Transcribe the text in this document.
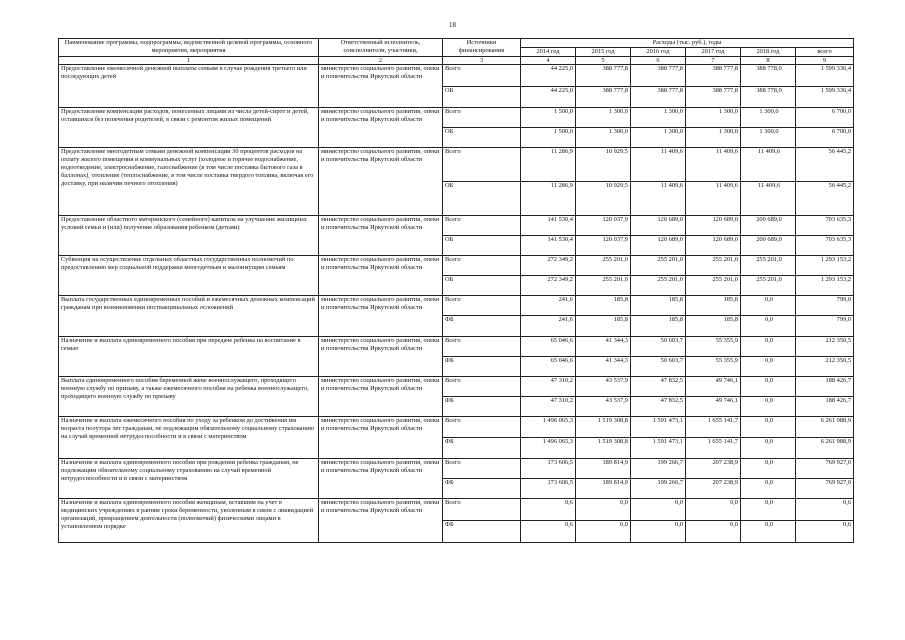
18
Наименование программы, подпрограммы, ведомственной целевой программы, основного мероприятия, мероприятия	Ответственный исполнитель, соисполнители, участники,	Источники финансирования	Расходы (тыс. руб.), годы					
			2014 год	2015 год	2016 год	2017 год	2018 год	всего
1	2	3	4	5	6	7	8	9
Предоставление ежемесячной денежной выплаты семьям в случае рождения третьего или последующих детей	министерство социального развития, опеки и попечительства Иркутской области	Всего	44 225,0	388 777,8	388 777,8	388 777,8	388 778,0	1 599 336,4
		ОБ	44 225,0	388 777,8	388 777,8	388 777,8	388 778,0	1 599 336,4
Предоставление компенсации расходов, понесенных лицами из числа детей-сирот и детей, оставшихся без попечения родителей, в связи с ремонтом жилых помещений	министерство социального развития, опеки и попечительства Иркутской области	Всего	1 500,0	1 300,0	1 300,0	1 300,0	1 300,0	6 700,0
		ОБ	1 500,0	1 300,0	1 300,0	1 300,0	1 300,0	6 700,0
Предоставление многодетным семьям денежной компенсации 30 процентов расходов на оплату жилого помещения и коммунальных услуг (холодное и горячее водоснабжение, водоотведение, электроснабжение, газоснабжение (в том числе поставка бытового газа в баллонах), отопление (теплоснабжение, в том числе поставка твердого топлива, включая его доставку, при наличии печного отопления)	министерство социального развития, опеки и попечительства Иркутской области	Всего	11 286,9	10 929,5	11 409,6	11 409,6	11 409,6	56 445,2
		ОБ	11 286,9	10 929,5	11 409,6	11 409,6	11 409,6	56 445,2
Предоставление областного материнского (семейного) капитала на улучшение жилищных условий семьи и (или) получение образования ребенком (детьми)	министерство социального развития, опеки и попечительства Иркутской области	Всего	141 530,4	120 037,9	120 689,0	120 689,0	200 689,0	703 635,3
		ОБ	141 530,4	120 037,9	120 689,0	120 689,0	200 689,0	703 635,3
Субвенция на осуществление отдельных областных государственных полномочий по предоставлению мер социальной поддержки многодетным и малоимущим семьям	министерство социального развития, опеки и попечительства Иркутской области	Всего	272 349,2	255 201,0	255 201,0	255 201,0	255 201,0	1 293 153,2
		ОБ	272 349,2	255 201,0	255 201,0	255 201,0	255 201,0	1 293 153,2
Выплата государственных единовременных пособий и ежемесячных денежных компенсаций гражданам при возникновении поствакцинальных осложнений	министерство социального развития, опеки и попечительства Иркутской области	Всего	241,6	185,8	185,8	185,8	0,0	799,0
		ФБ	241,6	185,8	185,8	185,8	0,0	799,0
Назначение и выплата единовременного пособия при передаче ребенка на воспитание в семью	министерство социального развития, опеки и попечительства Иркутской области	Всего	65 046,6	41 344,3	50 603,7	55 355,9	0,0	212 350,5
		ФБ	65 046,6	41 344,3	50 603,7	55 355,9	0,0	212 350,5
Выплата единовременного пособия беременной жене военнослужащего, проходящего военную службу по призыву, а также ежемесячного пособия на ребенка военнослужащего, проходящего военную службу по призыву	министерство социального развития, опеки и попечительства Иркутской области	Всего	47 310,2	43 537,9	47 832,5	49 746,1	0,0	188 426,7
		ФБ	47 310,2	43 537,9	47 832,5	49 746,1	0,0	188 426,7
Назначение и выплата ежемесячного пособия по уходу за ребенком до достижения им возраста полутора лет гражданам, не подлежащим обязательному социальному страхованию на случай временной нетрудоспособности и в связи с материнством	министерство социального развития, опеки и попечительства Иркутской области	Всего	1 496 065,3	1 519 308,8	1 591 473,1	1 655 141,7	0,0	6 261 988,9
		ФБ	1 496 065,3	1 519 308,8	1 591 473,1	1 655 141,7	0,0	6 261 988,9
Назначение и выплата единовременного пособия при рождении ребенка гражданам, не подлежащим обязательному социальному страхованию на случай временной нетрудоспособности и в связи с материнством	министерство социального развития, опеки и попечительства Иркутской области	Всего	173 606,5	189 814,9	199 266,7	207 238,9	0,0	769 927,0
		ФБ	173 606,5	189 814,9	199 266,7	207 238,9	0,0	769 927,0
Назначение и выплата единовременного пособия женщинам, вставшим на учет в медицинских учреждениях в ранние сроки беременности, уволенным в связи с ликвидацией организаций, прекращением деятельности (полномочий) физическими лицами в установленном порядке	министерство социального развития, опеки и попечительства Иркутской области	Всего	0,6	0,0	0,0	0,0	0,0	0,6
		ФБ	0,6	0,0	0,0	0,0	0,0	0,6
